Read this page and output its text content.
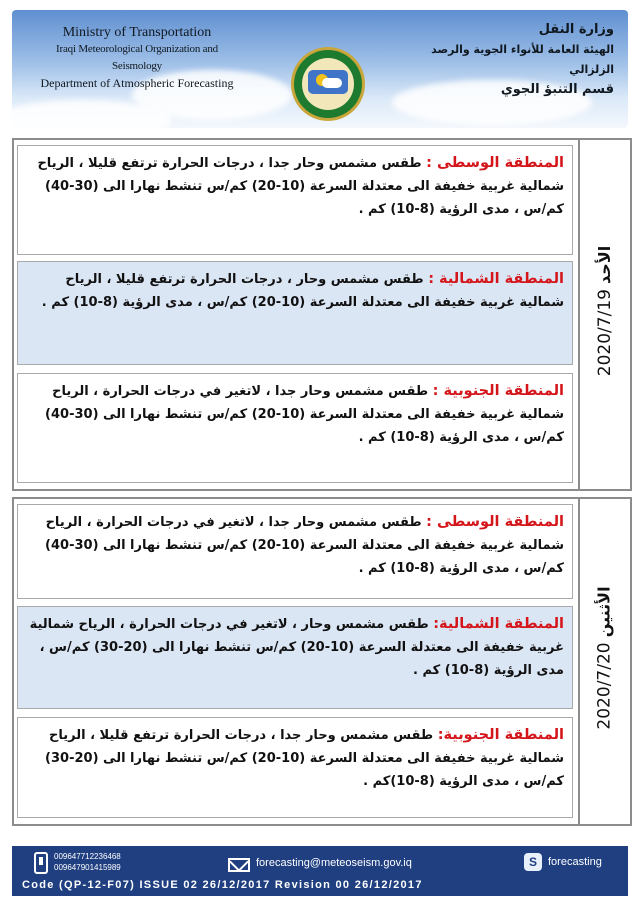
Ministry of Transportation
Iraqi Meteorological Organization and Seismology
Department of Atmospheric Forecasting
وزارة النقل
الهيئة العامة للأنواء الجوية والرصد الزلزالي
قسم التنبؤ الجوي
المنطقة الوسطى : طقس مشمس وحار جدا ، درجات الحرارة ترتفع قليلا ، الرياح شمالية غربية خفيفة الى معتدلة السرعة (10-20) كم/س تنشط نهارا الى (30-40) كم/س ، مدى الرؤية (8-10) كم .
المنطقة الشمالية : طقس مشمس وحار ، درجات الحرارة ترتفع قليلا ، الرياح شمالية غربية خفيفة الى معتدلة السرعة (10-20) كم/س ، مدى الرؤية (8-10) كم .
المنطقة الجنوبية : طقس مشمس وحار جدا ، لاتغير في درجات الحرارة ، الرياح شمالية غربية خفيفة الى معتدلة السرعة (10-20) كم/س تنشط نهارا الى (30-40) كم/س ، مدى الرؤية (8-10) كم .
الأحد 2020/7/19
المنطقة الوسطى : طقس مشمس وحار جدا ، لاتغير في درجات الحرارة ، الرياح شمالية غربية خفيفة الى معتدلة السرعة (10-20) كم/س تنشط نهارا الى (30-40) كم/س ، مدى الرؤية (8-10) كم .
المنطقة الشمالية: طقس مشمس وحار ، لاتغير في درجات الحرارة ، الرياح شمالية غربية خفيفة الى معتدلة السرعة (10-20) كم/س تنشط نهارا الى (20-30) كم/س ، مدى الرؤية (8-10) كم .
المنطقة الجنوبية: طقس مشمس وحار جدا ، درجات الحرارة ترتفع قليلا ، الرياح شمالية غربية خفيفة الى معتدلة السرعة (10-20) كم/س تنشط نهارا الى (20-30) كم/س ، مدى الرؤية (8-10)كم .
الأثنين 2020/7/20
009647712236468
009647901415989	forecasting@meteoseism.gov.iq	S	forecasting
Code (QP-12-F07) ISSUE 02 26/12/2017 Revision 00 26/12/2017
